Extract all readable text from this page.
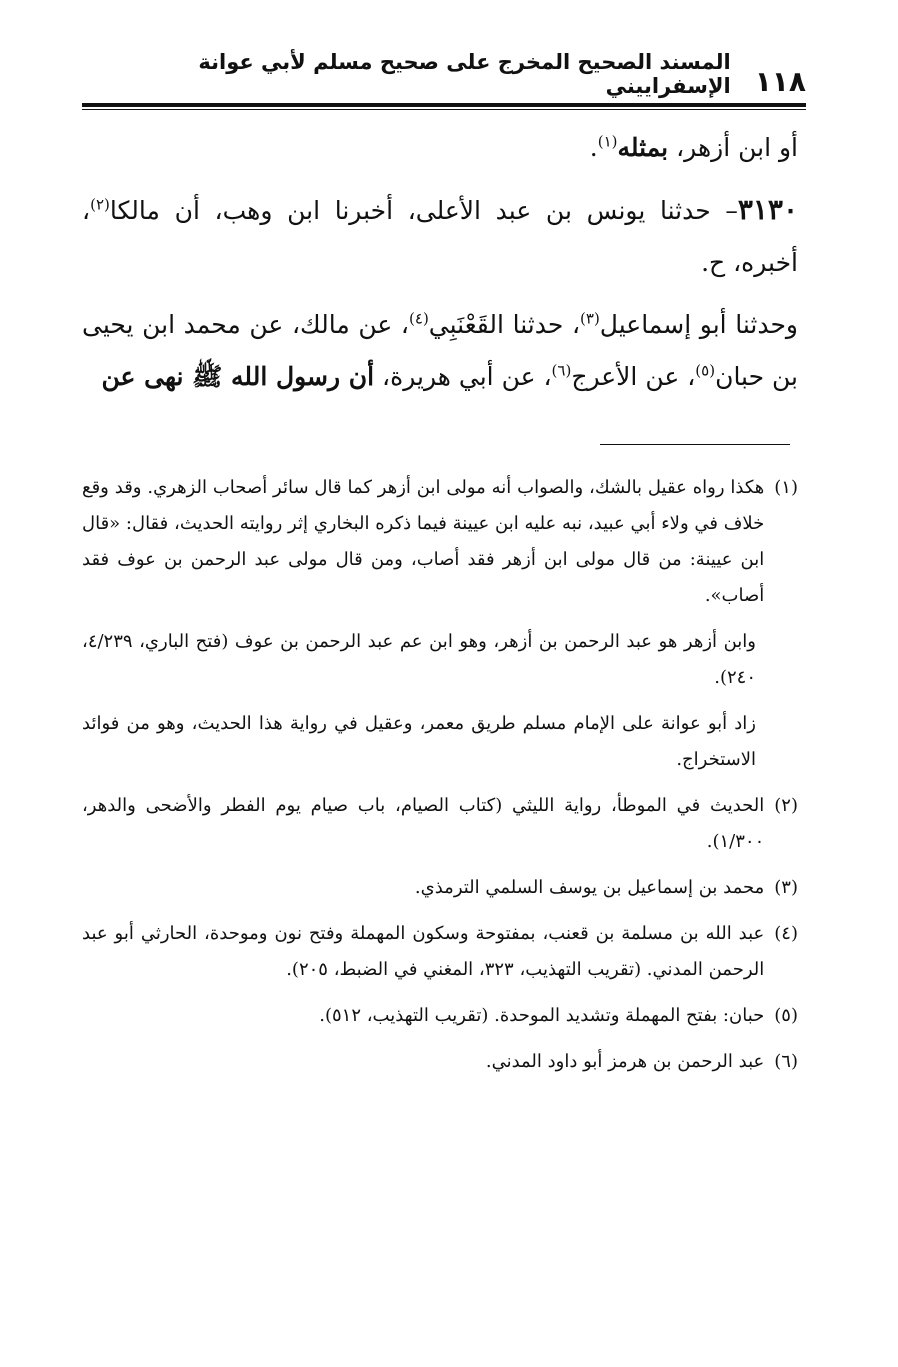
١١٨
المسند الصحيح المخرج على صحيح مسلم لأبي عوانة الإسفراييني

أو ابن أزهر، بمثله$^{(١)}$.

٣١٣٠– حدثنا يونس بن عبد الأعلى، أخبرنا ابن وهب، أن مالكا$^{(٢)}$، أخبره، ح.

وحدثنا أبو إسماعيل$^{(٣)}$، حدثنا القَعْنَبِي$^{(٤)}$، عن مالك، عن محمد ابن يحيى بن حبان$^{(٥)}$، عن الأعرج$^{(٦)}$، عن أبي هريرة، أن رسول الله ﷺ نهى عن

(١)
هكذا رواه عقيل بالشك، والصواب أنه مولى ابن أزهر كما قال سائر أصحاب الزهري. وقد وقع خلاف في ولاء أبي عبيد، نبه عليه ابن عيينة فيما ذكره البخاري إثر روايته الحديث، فقال: «قال ابن عيينة: من قال مولى ابن أزهر فقد أصاب، ومن قال مولى عبد الرحمن بن عوف فقد أصاب».
وابن أزهر هو عبد الرحمن بن أزهر، وهو ابن عم عبد الرحمن بن عوف (فتح الباري، ٤/٢٣٩، ٢٤٠).
زاد أبو عوانة على الإمام مسلم طريق معمر، وعقيل في رواية هذا الحديث، وهو من فوائد الاستخراج.
(٢)
الحديث في الموطأ، رواية الليثي (كتاب الصيام، باب صيام يوم الفطر والأضحى والدهر، ١/٣٠٠).
(٣)
محمد بن إسماعيل بن يوسف السلمي الترمذي.
(٤)
عبد الله بن مسلمة بن قعنب، بمفتوحة وسكون المهملة وفتح نون وموحدة، الحارثي أبو عبد الرحمن المدني. (تقريب التهذيب، ٣٢٣، المغني في الضبط، ٢٠٥).
(٥)
حبان: بفتح المهملة وتشديد الموحدة. (تقريب التهذيب، ٥١٢).
(٦)
عبد الرحمن بن هرمز أبو داود المدني.
